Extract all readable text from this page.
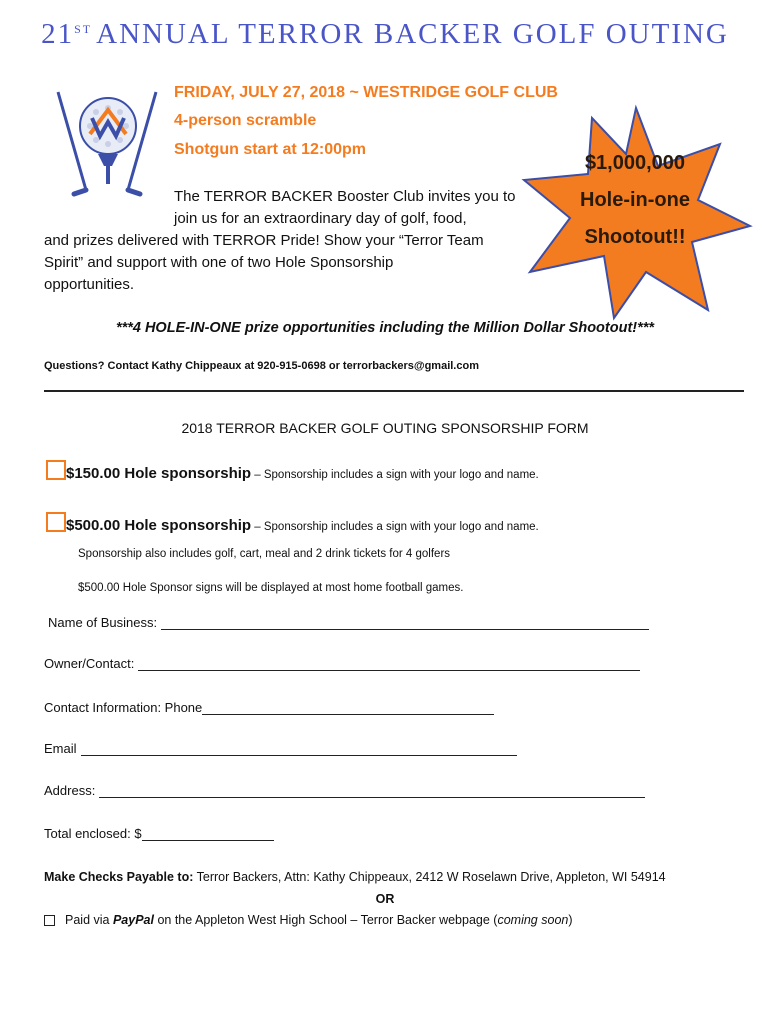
21ST ANNUAL TERROR BACKER GOLF OUTING
FRIDAY, JULY 27, 2018 ~ WESTRIDGE GOLF CLUB
4-person scramble
Shotgun start at 12:00pm
The TERROR BACKER Booster Club invites you to
join us for an extraordinary day of golf, food,
and prizes delivered with TERROR Pride! Show your “Terror Team
Spirit” and support with one of two Hole Sponsorship
opportunities.
$1,000,000
Hole-in-one
Shootout!!
***4 HOLE-IN-ONE prize opportunities including the Million Dollar Shootout!***
Questions? Contact Kathy Chippeaux at 920-915-0698 or terrorbackers@gmail.com
2018 TERROR BACKER GOLF OUTING SPONSORSHIP FORM
$150.00 Hole sponsorship – Sponsorship includes a sign with your logo and name.
$500.00 Hole sponsorship – Sponsorship includes a sign with your logo and name.
Sponsorship also includes golf, cart, meal and 2 drink tickets for 4 golfers
$500.00 Hole Sponsor signs will be displayed at most home football games.
Name of Business:
Owner/Contact:
Contact Information: Phone
Email
Address:
Total enclosed: $
Make Checks Payable to: Terror Backers, Attn: Kathy Chippeaux, 2412 W Roselawn Drive, Appleton, WI 54914
OR
Paid via PayPal on the Appleton West High School – Terror Backer webpage (coming soon)
